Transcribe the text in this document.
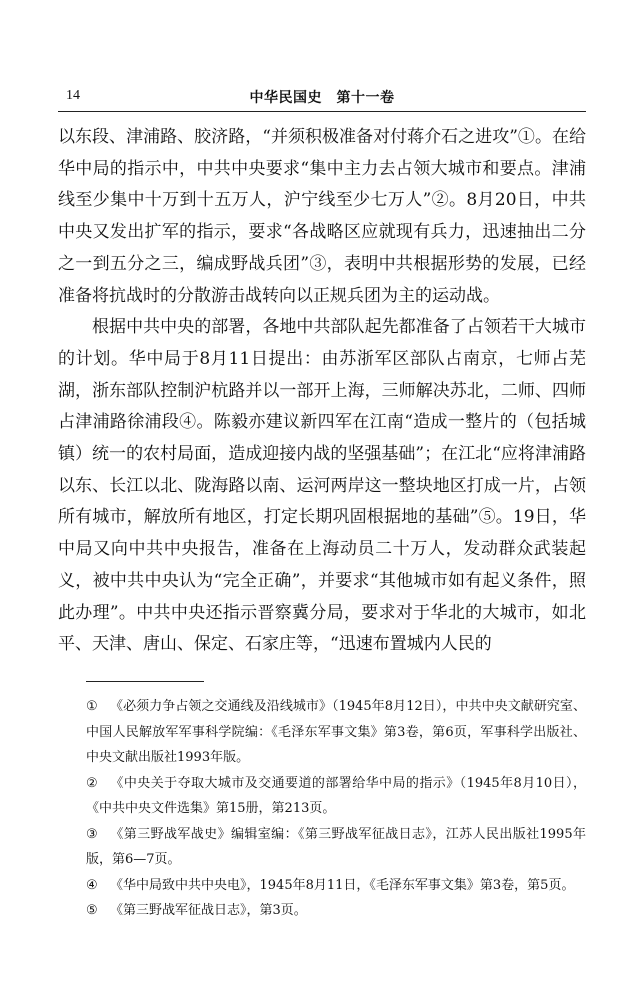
14	中华民国史　第十一卷

以东段、津浦路、胶济路，“并须积极准备对付蒋介石之进攻”①。在给华中局的指示中，中共中央要求“集中主力去占领大城市和要点。津浦线至少集中十万到十五万人，沪宁线至少七万人”②。8月20日，中共中央又发出扩军的指示，要求“各战略区应就现有兵力，迅速抽出二分之一到五分之三，编成野战兵团”③，表明中共根据形势的发展，已经准备将抗战时的分散游击战转向以正规兵团为主的运动战。

根据中共中央的部署，各地中共部队起先都准备了占领若干大城市的计划。华中局于8月11日提出：由苏浙军区部队占南京，七师占芜湖，浙东部队控制沪杭路并以一部开上海，三师解决苏北，二师、四师占津浦路徐浦段④。陈毅亦建议新四军在江南“造成一整片的（包括城镇）统一的农村局面，造成迎接内战的坚强基础”；在江北“应将津浦路以东、长江以北、陇海路以南、运河两岸这一整块地区打成一片，占领所有城市，解放所有地区，打定长期巩固根据地的基础”⑤。19日，华中局又向中共中央报告，准备在上海动员二十万人，发动群众武装起义，被中共中央认为“完全正确”，并要求“其他城市如有起义条件，照此办理”。中共中央还指示晋察冀分局，要求对于华北的大城市，如北平、天津、唐山、保定、石家庄等，“迅速布置城内人民的

① 《必须力争占领之交通线及沿线城市》（1945年8月12日），中共中央文献研究室、中国人民解放军军事科学院编：《毛泽东军事文集》第3卷，第6页，军事科学出版社、中央文献出版社1993年版。

② 《中央关于夺取大城市及交通要道的部署给华中局的指示》（1945年8月10日），《中共中央文件选集》第15册，第213页。

③ 《第三野战军战史》编辑室编：《第三野战军征战日志》，江苏人民出版社1995年版，第6—7页。

④ 《华中局致中共中央电》，1945年8月11日，《毛泽东军事文集》第3卷，第5页。

⑤ 《第三野战军征战日志》，第3页。
